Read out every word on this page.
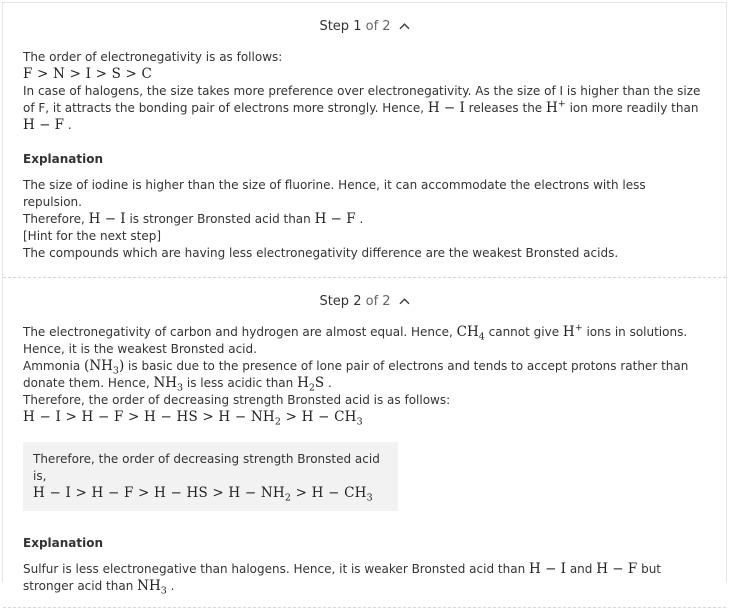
Step
1
of 2

The order of electronegativity is as follows:

F > N > I > S > C

In case of halogens, the size takes more preference over electronegativity. As the size of I is higher than the size of F, it attracts the bonding pair of electrons more strongly. Hence, H − I releases the H+ ion more readily than H − F .

Explanation

The size of iodine is higher than the size of fluorine. Hence, it can accommodate the electrons with less repulsion.

Therefore, H − I is stronger Bronsted acid than H − F .

[Hint for the next step]

The compounds which are having less electronegativity difference are the weakest Bronsted acids.

Step
2
of 2

The electronegativity of carbon and hydrogen are almost equal. Hence, $CH_4$ cannot give H+ ions in solutions. Hence, it is the weakest Bronsted acid.

Ammonia $(NH_3)$ is basic due to the presence of lone pair of electrons and tends to accept protons rather than donate them. Hence, $NH_3$ is less acidic than $H_2S$ .

Therefore, the order of decreasing strength Bronsted acid is as follows:

H − I > H − F > H − HS > $H - NH_2 > H - CH_3$

Therefore, the order of decreasing strength Bronsted acid is,

H − I > H − F > H − HS > $H - NH_2 > H - CH_3$

Explanation

Sulfur is less electronegative than halogens. Hence, it is weaker Bronsted acid than H − I and H − F but stronger acid than $NH_3$ .
